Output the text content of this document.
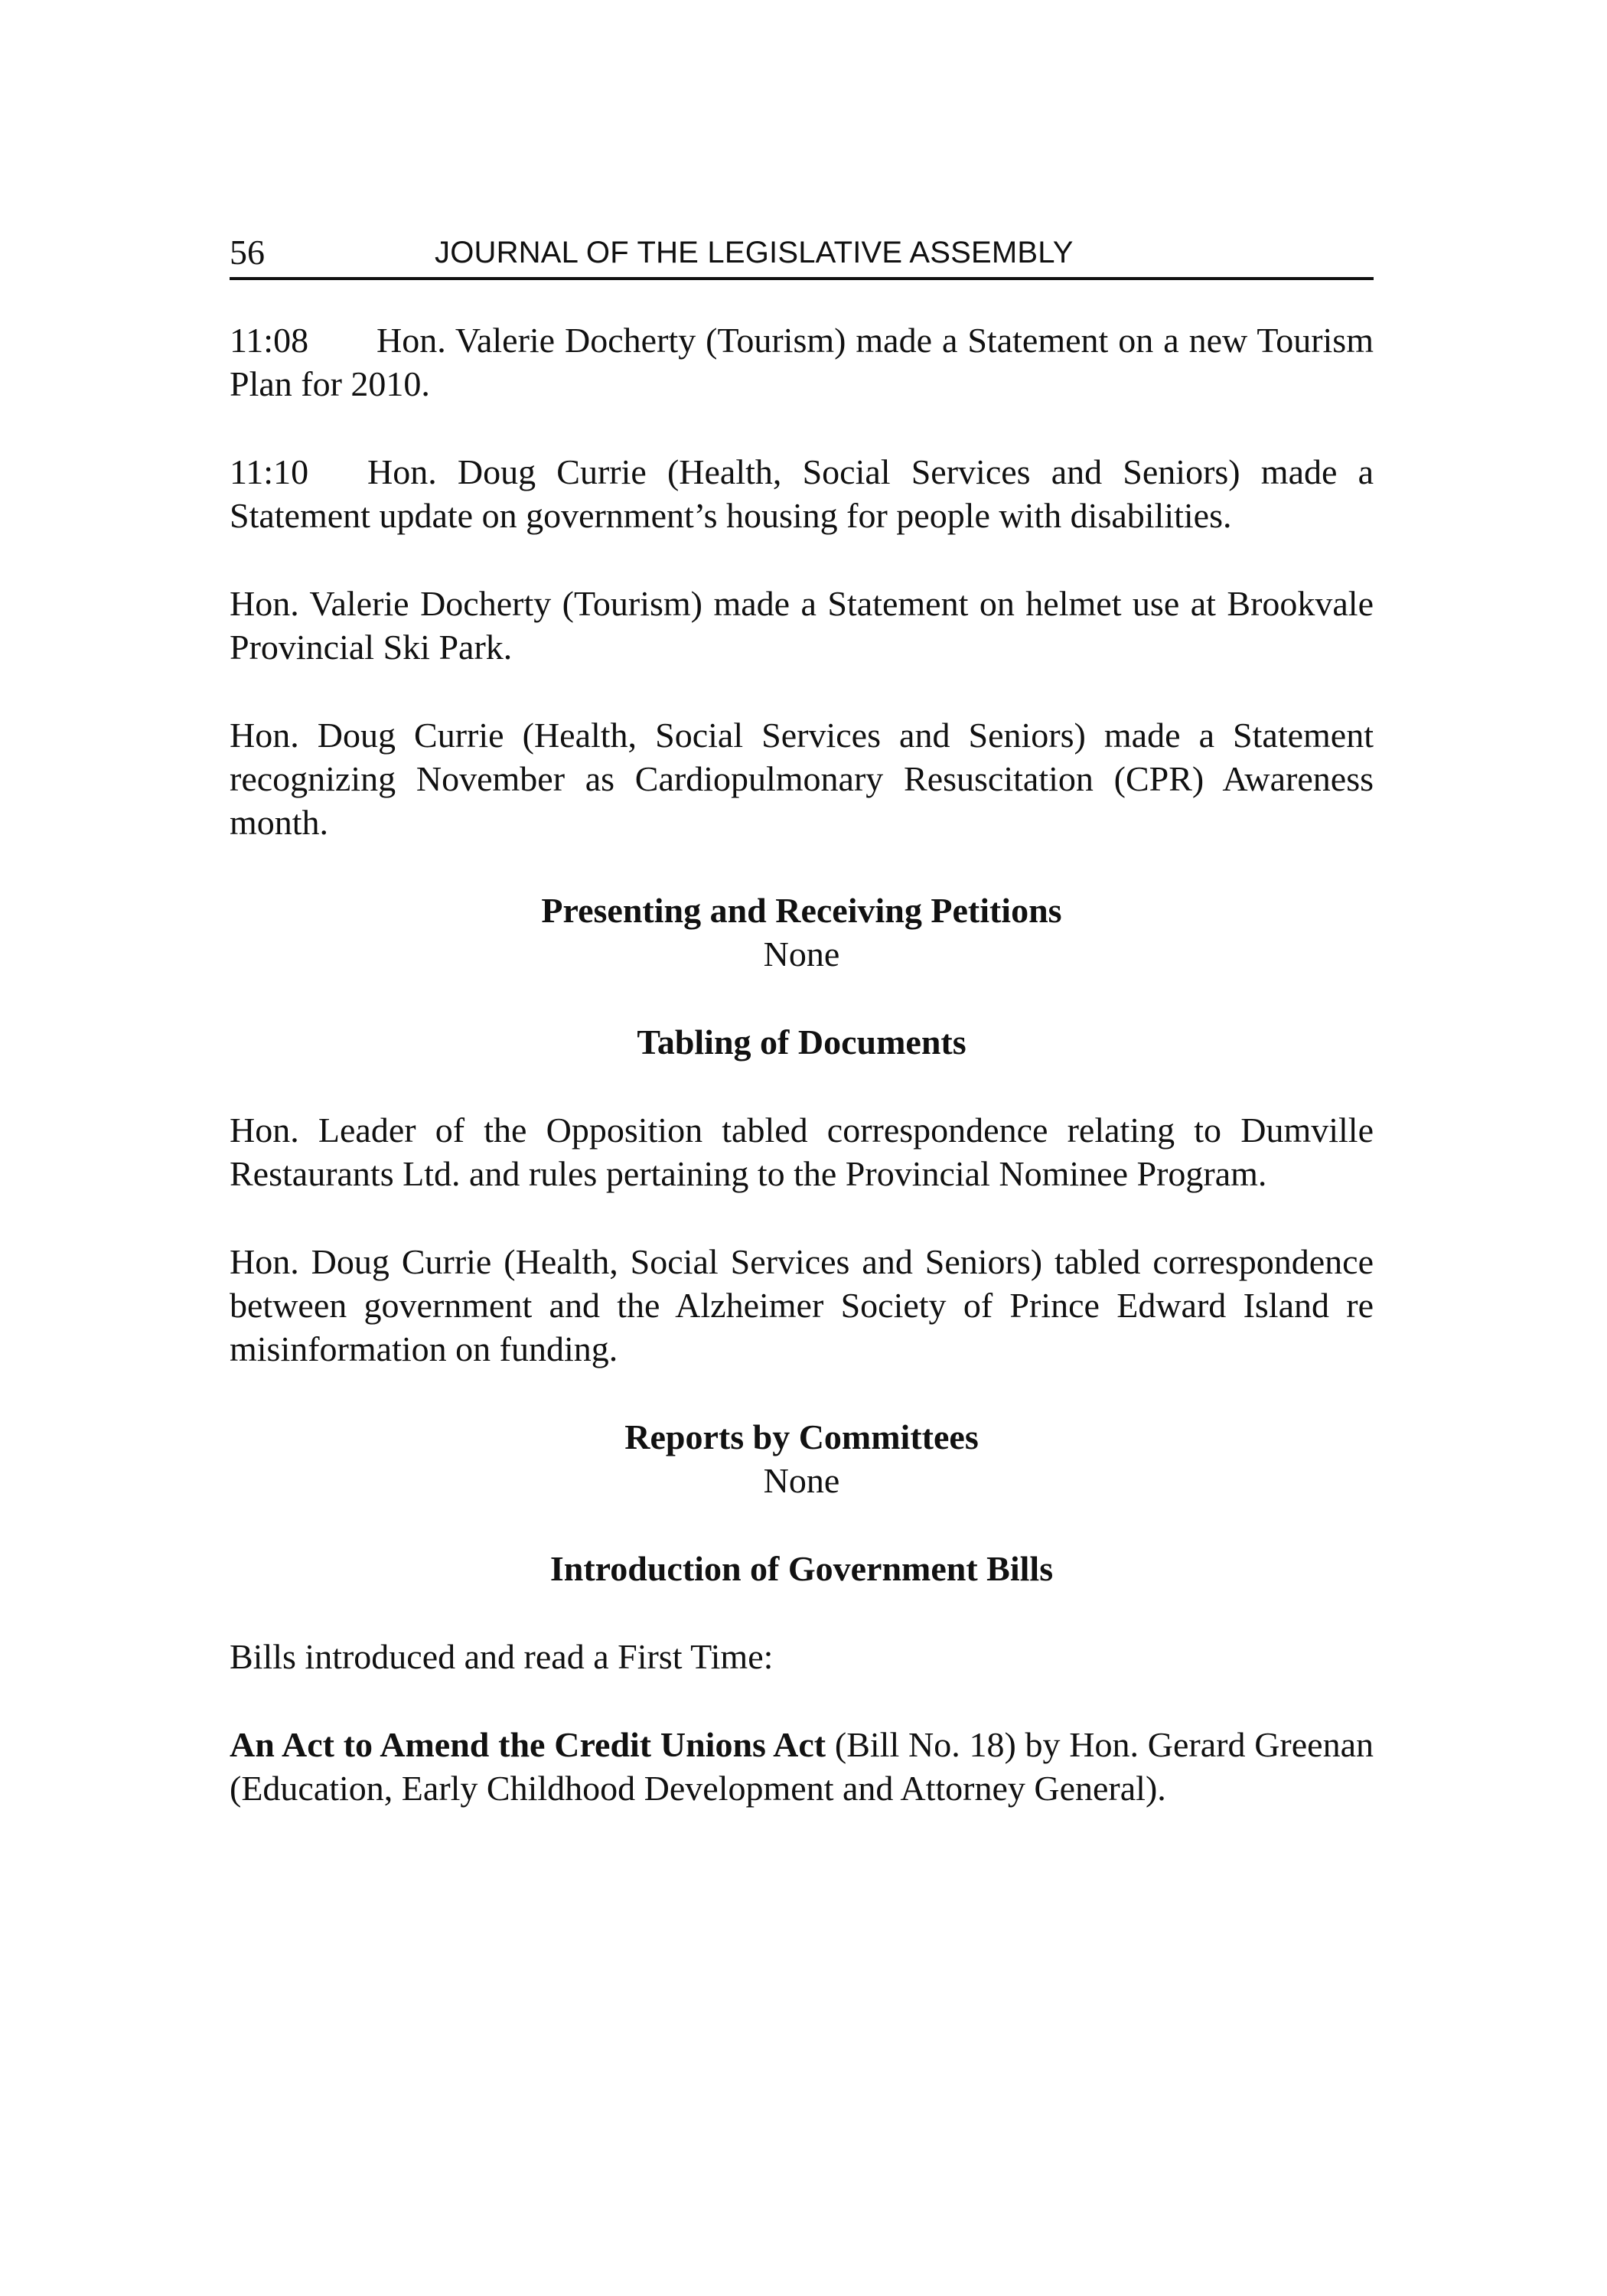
56	JOURNAL OF THE LEGISLATIVE ASSEMBLY

11:08 Hon. Valerie Docherty (Tourism) made a Statement on a new Tourism Plan for 2010.

11:10 Hon. Doug Currie (Health, Social Services and Seniors) made a Statement update on government’s housing for people with disabilities.

Hon. Valerie Docherty (Tourism) made a Statement on helmet use at Brookvale Provincial Ski Park.

Hon. Doug Currie (Health, Social Services and Seniors) made a Statement recognizing November as Cardiopulmonary Resuscitation (CPR) Awareness month.

Presenting and Receiving Petitions

None

Tabling of Documents

Hon. Leader of the Opposition tabled correspondence relating to Dumville Restaurants Ltd. and rules pertaining to the Provincial Nominee Program.

Hon. Doug Currie (Health, Social Services and Seniors) tabled correspondence between government and the Alzheimer Society of Prince Edward Island re misinformation on funding.

Reports by Committees

None

Introduction of Government Bills

Bills introduced and read a First Time:

An Act to Amend the Credit Unions Act (Bill No. 18) by Hon. Gerard Greenan (Education, Early Childhood Development and Attorney General).
